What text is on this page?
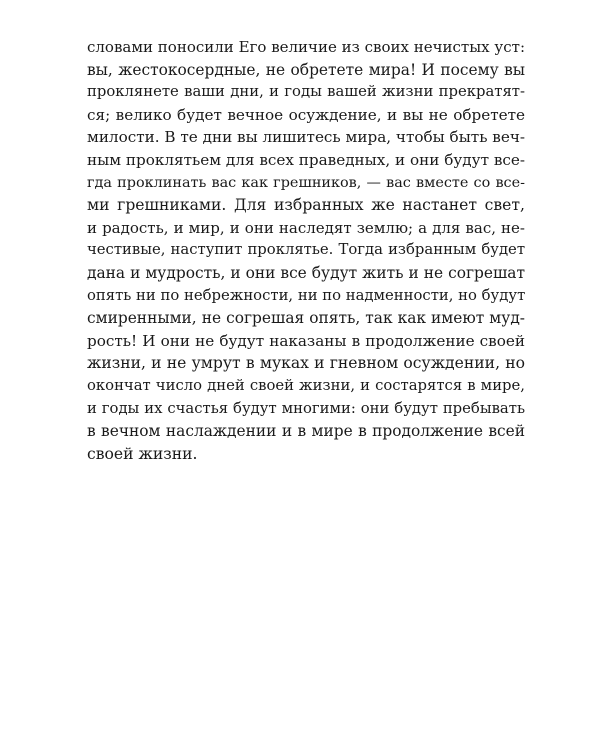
словами поносили Его величие из своих нечистых уст:
вы, жестокосердные, не обретете мира! И посему вы
проклянете ваши дни, и годы вашей жизни прекратят-
ся; велико будет вечное осуждение, и вы не обретете
милости. В те дни вы лишитесь мира, чтобы быть веч-
ным проклятьем для всех праведных, и они будут все-
гда проклинать вас как грешников, — вас вместе со все-
ми грешниками. Для избранных же настанет свет,
и радость, и мир, и они наследят землю; а для вас, не-
честивые, наступит проклятье. Тогда избранным будет
дана и мудрость, и они все будут жить и не согрешат
опять ни по небрежности, ни по надменности, но будут
смиренными, не согрешая опять, так как имеют муд-
рость! И они не будут наказаны в продолжение своей
жизни, и не умрут в муках и гневном осуждении, но
окончат число дней своей жизни, и состарятся в мире,
и годы их счастья будут многими: они будут пребывать
в вечном наслаждении и в мире в продолжение всей
своей жизни.
